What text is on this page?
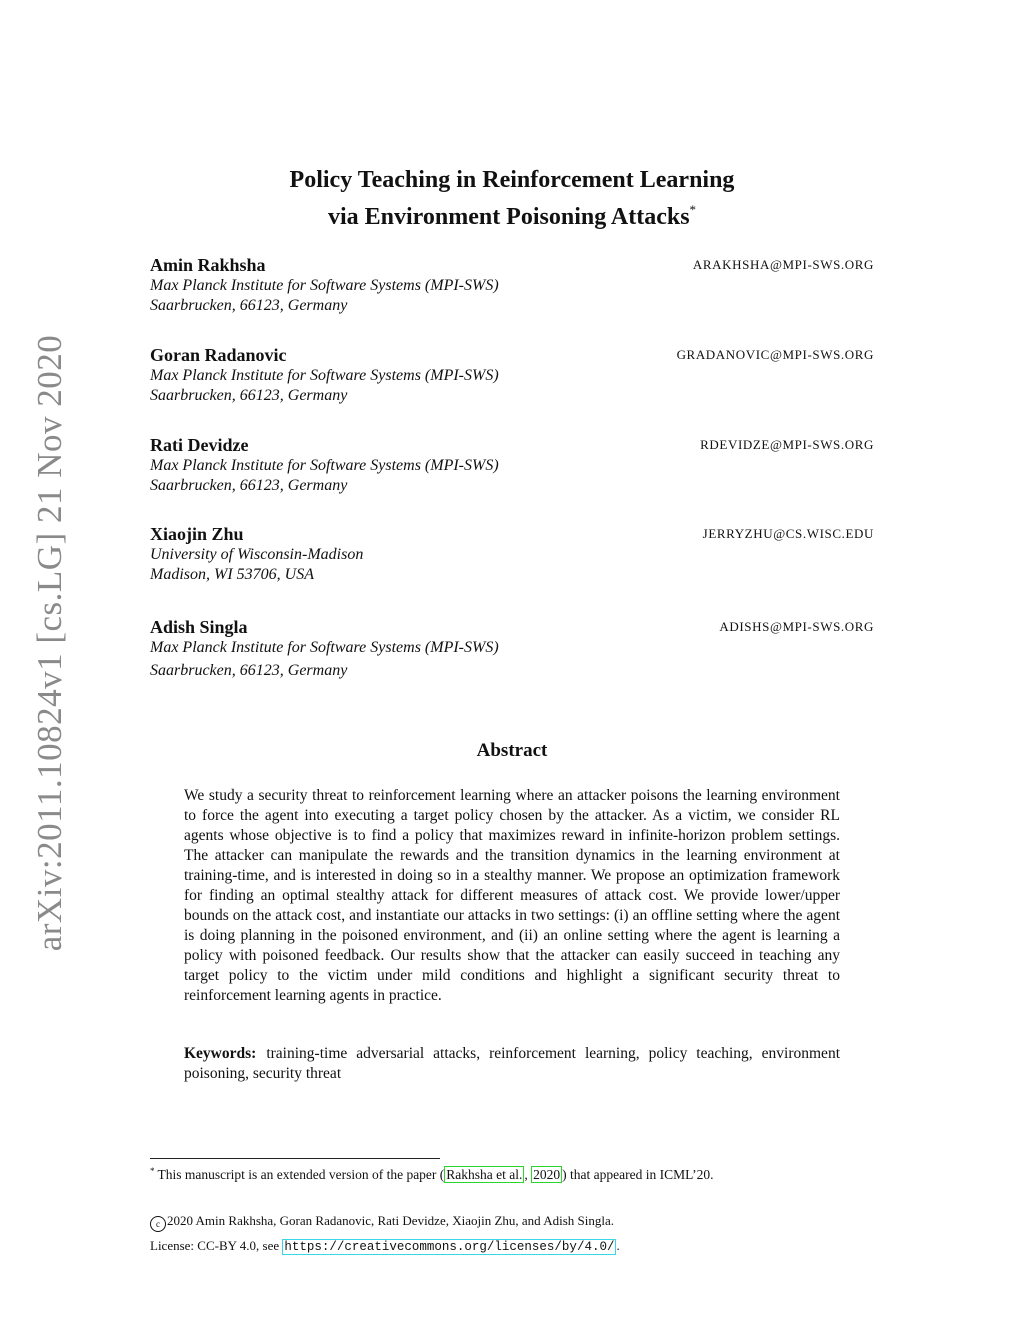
arXiv:2011.10824v1 [cs.LG] 21 Nov 2020
Policy Teaching in Reinforcement Learning
via Environment Poisoning Attacks*
Amin Rakhsha	ARAKHSHA@MPI-SWS.ORG
Max Planck Institute for Software Systems (MPI-SWS)
Saarbrucken, 66123, Germany
Goran Radanovic	GRADANOVIC@MPI-SWS.ORG
Max Planck Institute for Software Systems (MPI-SWS)
Saarbrucken, 66123, Germany
Rati Devidze	RDEVIDZE@MPI-SWS.ORG
Max Planck Institute for Software Systems (MPI-SWS)
Saarbrucken, 66123, Germany
Xiaojin Zhu	JERRYZHU@CS.WISC.EDU
University of Wisconsin-Madison
Madison, WI 53706, USA
Adish Singla	ADISHS@MPI-SWS.ORG
Max Planck Institute for Software Systems (MPI-SWS)
Saarbrucken, 66123, Germany
Abstract
We study a security threat to reinforcement learning where an attacker poisons the learning environment to force the agent into executing a target policy chosen by the attacker. As a victim, we consider RL agents whose objective is to find a policy that maximizes reward in infinite-horizon problem settings. The attacker can manipulate the rewards and the transition dynamics in the learning environment at training-time, and is interested in doing so in a stealthy manner. We propose an optimization framework for finding an optimal stealthy attack for different measures of attack cost. We provide lower/upper bounds on the attack cost, and instantiate our attacks in two settings: (i) an offline setting where the agent is doing planning in the poisoned environment, and (ii) an online setting where the agent is learning a policy with poisoned feedback. Our results show that the attacker can easily succeed in teaching any target policy to the victim under mild conditions and highlight a significant security threat to reinforcement learning agents in practice.
Keywords: training-time adversarial attacks, reinforcement learning, policy teaching, environment poisoning, security threat
* This manuscript is an extended version of the paper ( Rakhsha et al. , 2020 ) that appeared in ICML’20.
c 2020 Amin Rakhsha, Goran Radanovic, Rati Devidze, Xiaojin Zhu, and Adish Singla.
License: CC-BY 4.0, see https://creativecommons.org/licenses/by/4.0/ .
